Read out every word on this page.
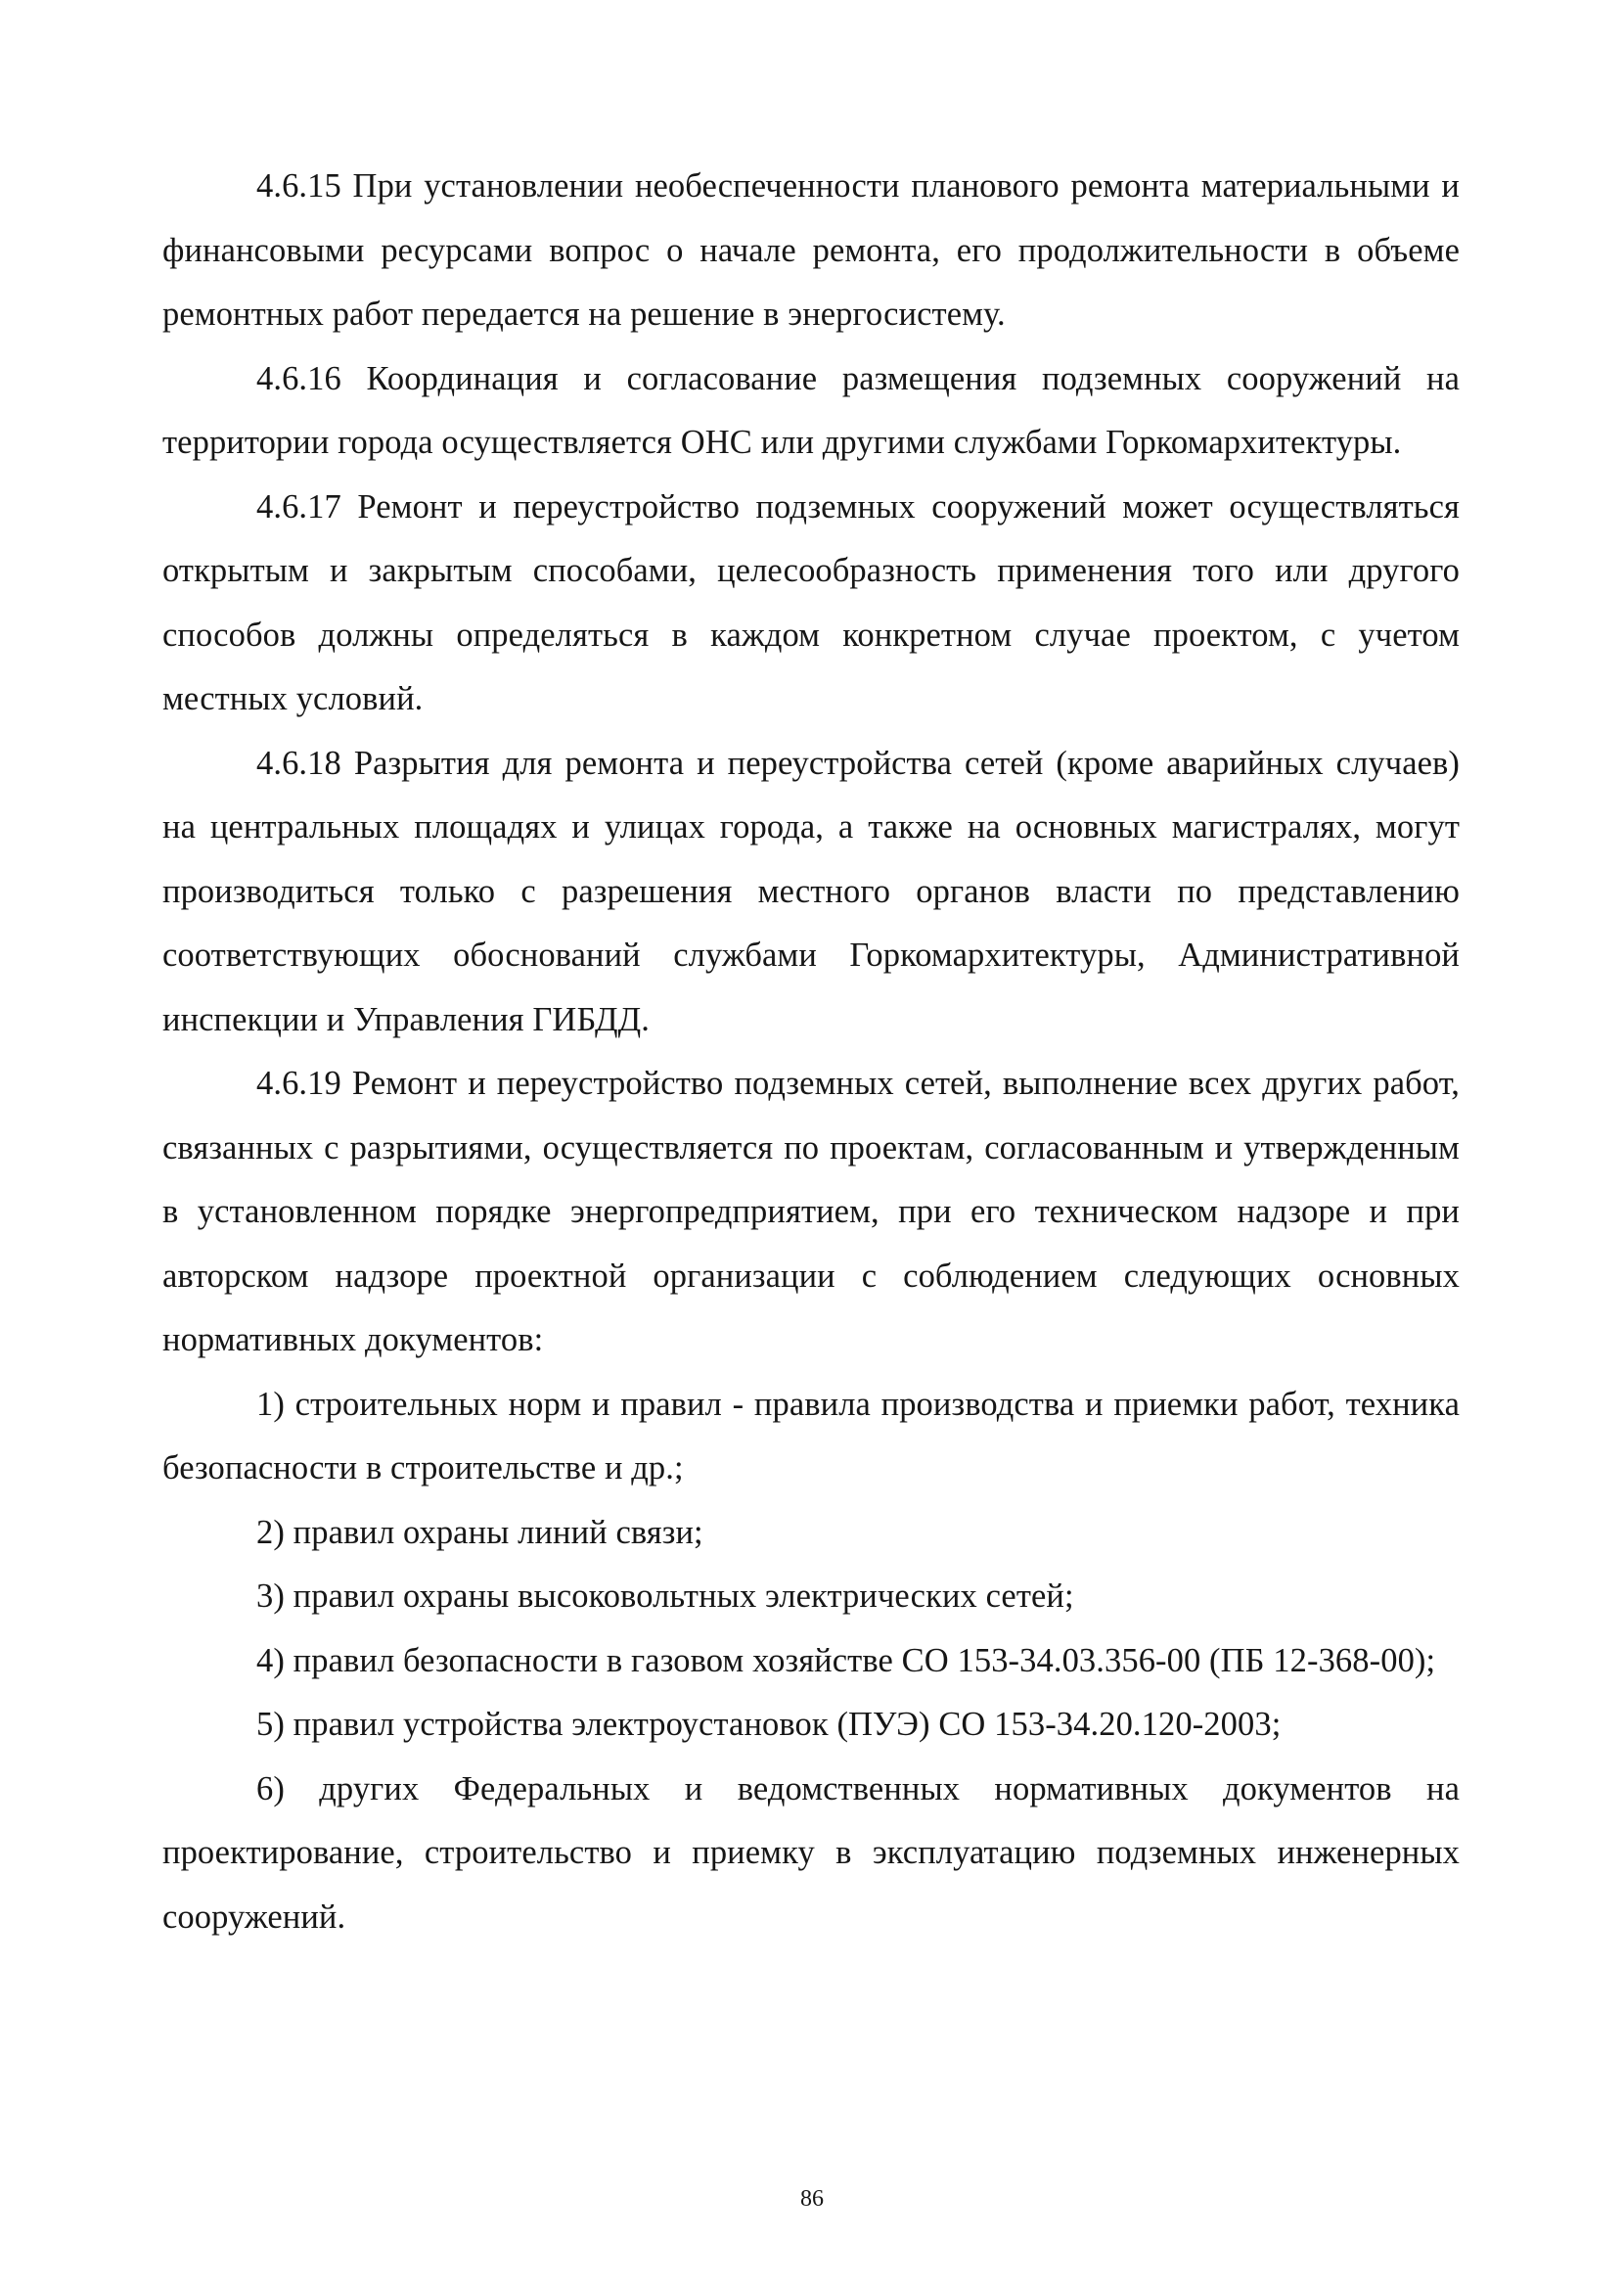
4.6.15 При установлении необеспеченности планового ремонта материальными и финансовыми ресурсами вопрос о начале ремонта, его продолжительности в объеме ремонтных работ передается на решение в энергосистему.

4.6.16 Координация и согласование размещения подземных сооружений на территории города осуществляется ОНС или другими службами Горкомархитектуры.

4.6.17 Ремонт и переустройство подземных сооружений может осуществляться открытым и закрытым способами, целесообразность применения того или другого способов должны определяться в каждом конкретном случае проектом, с учетом местных условий.

4.6.18 Разрытия для ремонта и переустройства сетей (кроме аварийных случаев) на центральных площадях и улицах города, а также на основных магистралях, могут производиться только с разрешения местного органов власти по представлению соответствующих обоснований службами Горкомархитектуры, Административной инспекции и Управления ГИБДД.

4.6.19 Ремонт и переустройство подземных сетей, выполнение всех других работ, связанных с разрытиями, осуществляется по проектам, согласованным и утвержденным в установленном порядке энергопредприятием, при его техническом надзоре и при авторском надзоре проектной организации с соблюдением следующих основных нормативных документов:

1) строительных норм и правил - правила производства и приемки работ, техника безопасности в строительстве и др.;

2) правил охраны линий связи;

3) правил охраны высоковольтных электрических сетей;

4) правил безопасности в газовом хозяйстве СО 153-34.03.356-00 (ПБ 12-368-00);

5) правил устройства электроустановок (ПУЭ) СО 153-34.20.120-2003;

6) других Федеральных и ведомственных нормативных документов на проектирование, строительство и приемку в эксплуатацию подземных инженерных сооружений.

86
